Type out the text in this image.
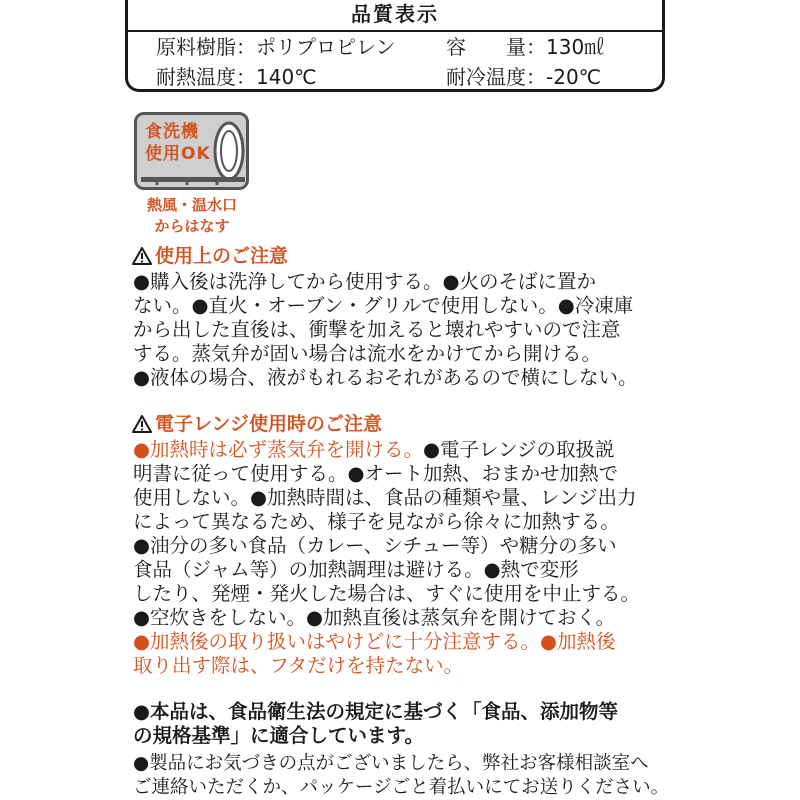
品質表示
原料樹脂：ポリプロピレン	容　　量：130㎖
耐熱温度：140℃	耐冷温度：-20℃
食洗機
使用OK
熱風・温水口
からはなす
使用上のご注意
●購入後は洗浄してから使用する。●火のそばに置か
ない。●直火・オーブン・グリルで使用しない。●冷凍庫
から出した直後は、衝撃を加えると壊れやすいので注意
する。蒸気弁が固い場合は流水をかけてから開ける。
●液体の場合、液がもれるおそれがあるので横にしない。
電子レンジ使用時のご注意
●加熱時は必ず蒸気弁を開ける。●電子レンジの取扱説
明書に従って使用する。●オート加熱、おまかせ加熱で
使用しない。●加熱時間は、食品の種類や量、レンジ出力
によって異なるため、様子を見ながら徐々に加熱する。
●油分の多い食品（カレー、シチュー等）や糖分の多い
食品（ジャム等）の加熱調理は避ける。●熱で変形
したり、発煙・発火した場合は、すぐに使用を中止する。
●空炊きをしない。●加熱直後は蒸気弁を開けておく。
●加熱後の取り扱いはやけどに十分注意する。●加熱後
取り出す際は、フタだけを持たない。
●本品は、食品衛生法の規定に基づく「食品、添加物等
の規格基準」に適合しています。
●製品にお気づきの点がございましたら、弊社お客様相談室へ
ご連絡いただくか、パッケージごと着払いにてお送りください。
